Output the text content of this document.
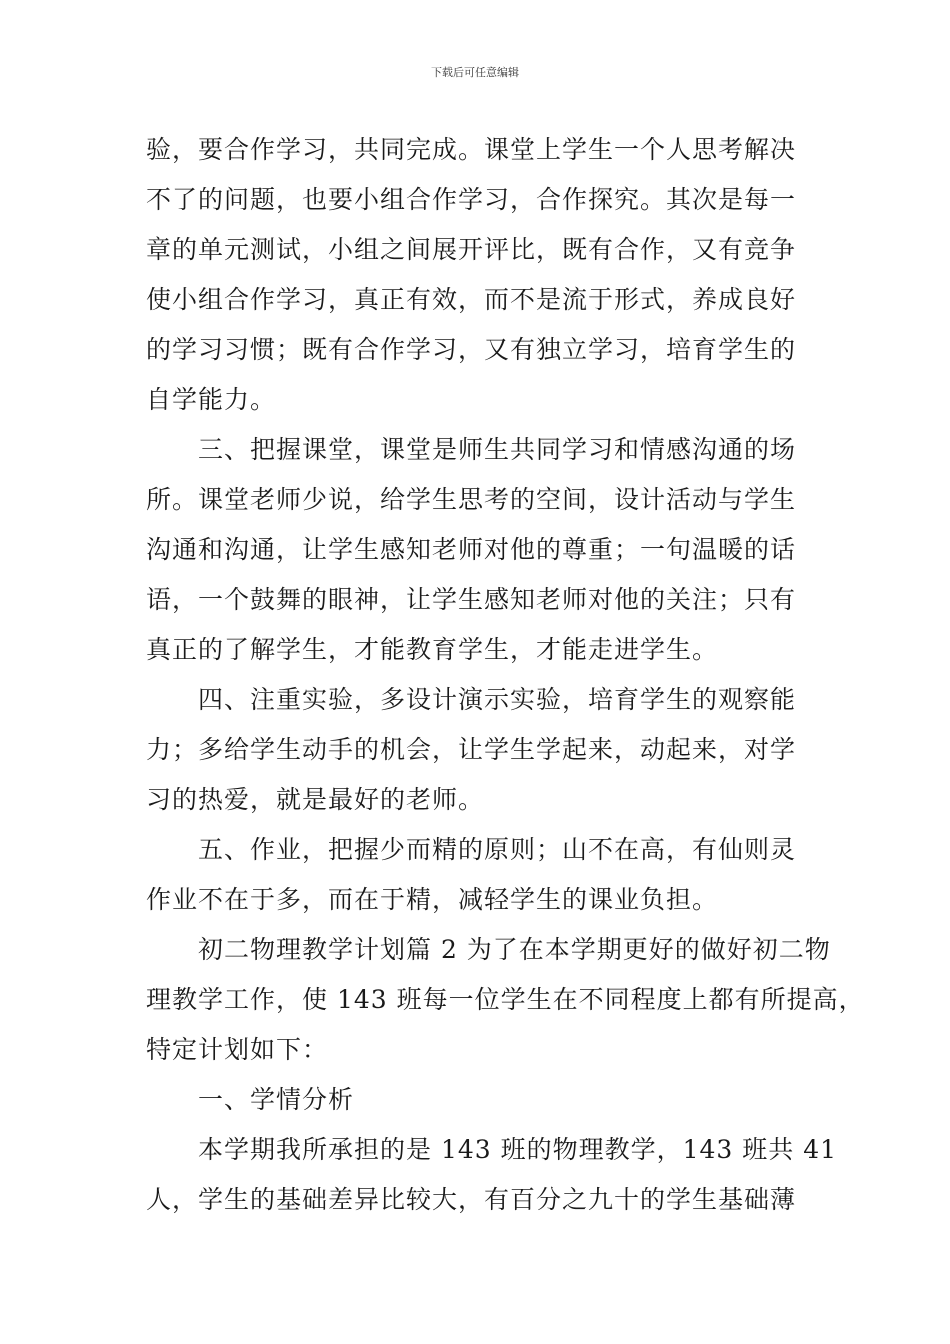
下载后可任意编辑
验，要合作学习，共同完成。课堂上学生一个人思考解决
不了的问题，也要小组合作学习，合作探究。其次是每一
章的单元测试，小组之间展开评比，既有合作，又有竞争
使小组合作学习，真正有效，而不是流于形式，养成良好
的学习习惯；既有合作学习，又有独立学习，培育学生的
自学能力。
三、把握课堂，课堂是师生共同学习和情感沟通的场
所。课堂老师少说，给学生思考的空间，设计活动与学生
沟通和沟通，让学生感知老师对他的尊重；一句温暖的话
语，一个鼓舞的眼神，让学生感知老师对他的关注；只有
真正的了解学生，才能教育学生，才能走进学生。
四、注重实验，多设计演示实验，培育学生的观察能
力；多给学生动手的机会，让学生学起来，动起来，对学
习的热爱，就是最好的老师。
五、作业，把握少而精的原则；山不在高，有仙则灵
作业不在于多，而在于精，减轻学生的课业负担。
初二物理教学计划篇 2 为了在本学期更好的做好初二物
理教学工作，使 143 班每一位学生在不同程度上都有所提高，
特定计划如下：
一、学情分析
本学期我所承担的是 143 班的物理教学，143 班共 41
人，学生的基础差异比较大，有百分之九十的学生基础薄
